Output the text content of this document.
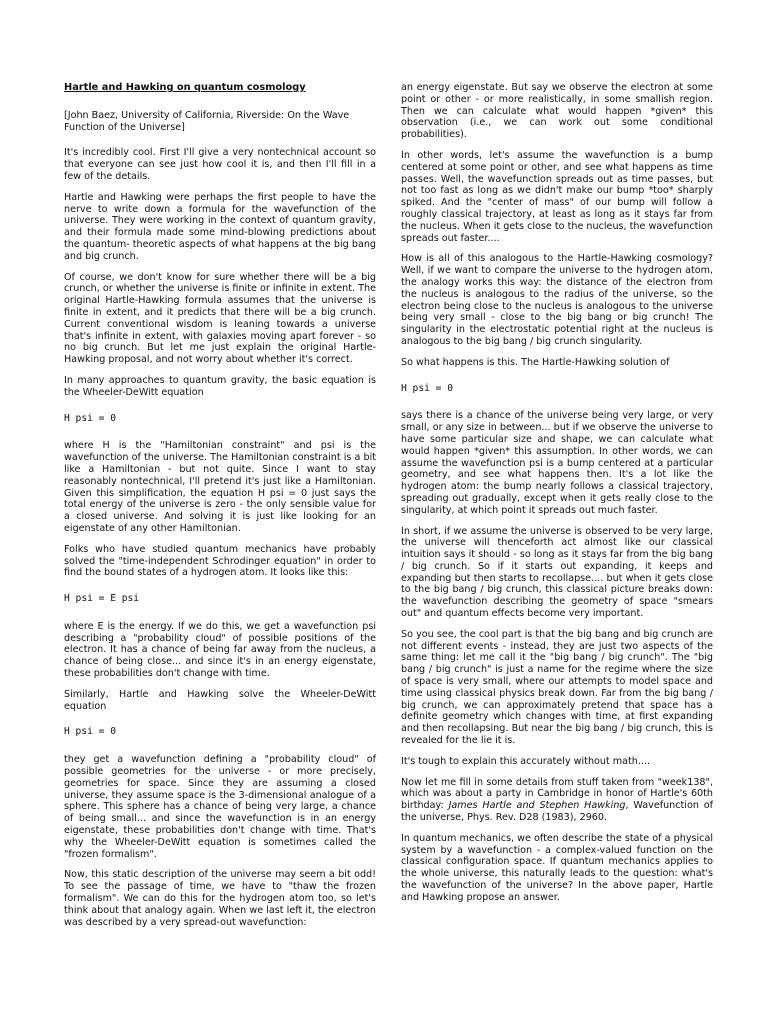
Hartle and Hawking on quantum cosmology

[John Baez, University of California, Riverside: On the Wave Function of the Universe]

It's incredibly cool. First I'll give a very nontechnical account so that everyone can see just how cool it is, and then I'll fill in a few of the details.

Hartle and Hawking were perhaps the first people to have the nerve to write down a formula for the wavefunction of the universe. They were working in the context of quantum gravity, and their formula made some mind-blowing predictions about the quantum- theoretic aspects of what happens at the big bang and big crunch.

Of course, we don't know for sure whether there will be a big crunch, or whether the universe is finite or infinite in extent. The original Hartle-Hawking formula assumes that the universe is finite in extent, and it predicts that there will be a big crunch. Current conventional wisdom is leaning towards a universe that's infinite in extent, with galaxies moving apart forever - so no big crunch. But let me just explain the original Hartle-Hawking proposal, and not worry about whether it's correct.

In many approaches to quantum gravity, the basic equation is the Wheeler-DeWitt equation

H psi = 0

where H is the "Hamiltonian constraint" and psi is the wavefunction of the universe. The Hamiltonian constraint is a bit like a Hamiltonian - but not quite. Since I want to stay reasonably nontechnical, I'll pretend it's just like a Hamiltonian. Given this simplification, the equation H psi = 0 just says the total energy of the universe is zero - the only sensible value for a closed universe. And solving it is just like looking for an eigenstate of any other Hamiltonian.

Folks who have studied quantum mechanics have probably solved the "time-independent Schrodinger equation" in order to find the bound states of a hydrogen atom. It looks like this:

H psi = E psi

where E is the energy. If we do this, we get a wavefunction psi describing a "probability cloud" of possible positions of the electron. It has a chance of being far away from the nucleus, a chance of being close... and since it's in an energy eigenstate, these probabilities don't change with time.

Similarly, Hartle and Hawking solve the Wheeler-DeWitt equation

H psi = 0

they get a wavefunction defining a "probability cloud" of possible geometries for the universe - or more precisely, geometries for space. Since they are assuming a closed universe, they assume space is the 3-dimensional analogue of a sphere. This sphere has a chance of being very large, a chance of being small... and since the wavefunction is in an energy eigenstate, these probabilities don't change with time. That's why the Wheeler-DeWitt equation is sometimes called the "frozen formalism".

Now, this static description of the universe may seem a bit odd! To see the passage of time, we have to "thaw the frozen formalism". We can do this for the hydrogen atom too, so let's think about that analogy again. When we last left it, the electron was described by a very spread-out wavefunction:

an energy eigenstate. But say we observe the electron at some point or other - or more realistically, in some smallish region. Then we can calculate what would happen *given* this observation (i.e., we can work out some conditional probabilities).

In other words, let's assume the wavefunction is a bump centered at some point or other, and see what happens as time passes. Well, the wavefunction spreads out as time passes, but not too fast as long as we didn't make our bump *too* sharply spiked. And the "center of mass" of our bump will follow a roughly classical trajectory, at least as long as it stays far from the nucleus. When it gets close to the nucleus, the wavefunction spreads out faster....

How is all of this analogous to the Hartle-Hawking cosmology? Well, if we want to compare the universe to the hydrogen atom, the analogy works this way: the distance of the electron from the nucleus is analogous to the radius of the universe, so the electron being close to the nucleus is analogous to the universe being very small - close to the big bang or big crunch! The singularity in the electrostatic potential right at the nucleus is analogous to the big bang / big crunch singularity.

So what happens is this. The Hartle-Hawking solution of

H psi = 0

says there is a chance of the universe being very large, or very small, or any size in between... but if we observe the universe to have some particular size and shape, we can calculate what would happen *given* this assumption. In other words, we can assume the wavefunction psi is a bump centered at a particular geometry, and see what happens then. It's a lot like the hydrogen atom: the bump nearly follows a classical trajectory, spreading out gradually, except when it gets really close to the singularity, at which point it spreads out much faster.

In short, if we assume the universe is observed to be very large, the universe will thenceforth act almost like our classical intuition says it should - so long as it stays far from the big bang / big crunch. So if it starts out expanding, it keeps and expanding but then starts to recollapse.... but when it gets close to the big bang / big crunch, this classical picture breaks down: the wavefunction describing the geometry of space "smears out" and quantum effects become very important.

So you see, the cool part is that the big bang and big crunch are not different events - instead, they are just two aspects of the same thing: let me call it the "big bang / big crunch". The "big bang / big crunch" is just a name for the regime where the size of space is very small, where our attempts to model space and time using classical physics break down. Far from the big bang / big crunch, we can approximately pretend that space has a definite geometry which changes with time, at first expanding and then recollapsing. But near the big bang / big crunch, this is revealed for the lie it is.

It's tough to explain this accurately without math....

Now let me fill in some details from stuff taken from "week138", which was about a party in Cambridge in honor of Hartle's 60th birthday: James Hartle and Stephen Hawking, Wavefunction of the universe, Phys. Rev. D28 (1983), 2960.

In quantum mechanics, we often describe the state of a physical system by a wavefunction - a complex-valued function on the classical configuration space. If quantum mechanics applies to the whole universe, this naturally leads to the question: what's the wavefunction of the universe? In the above paper, Hartle and Hawking propose an answer.
